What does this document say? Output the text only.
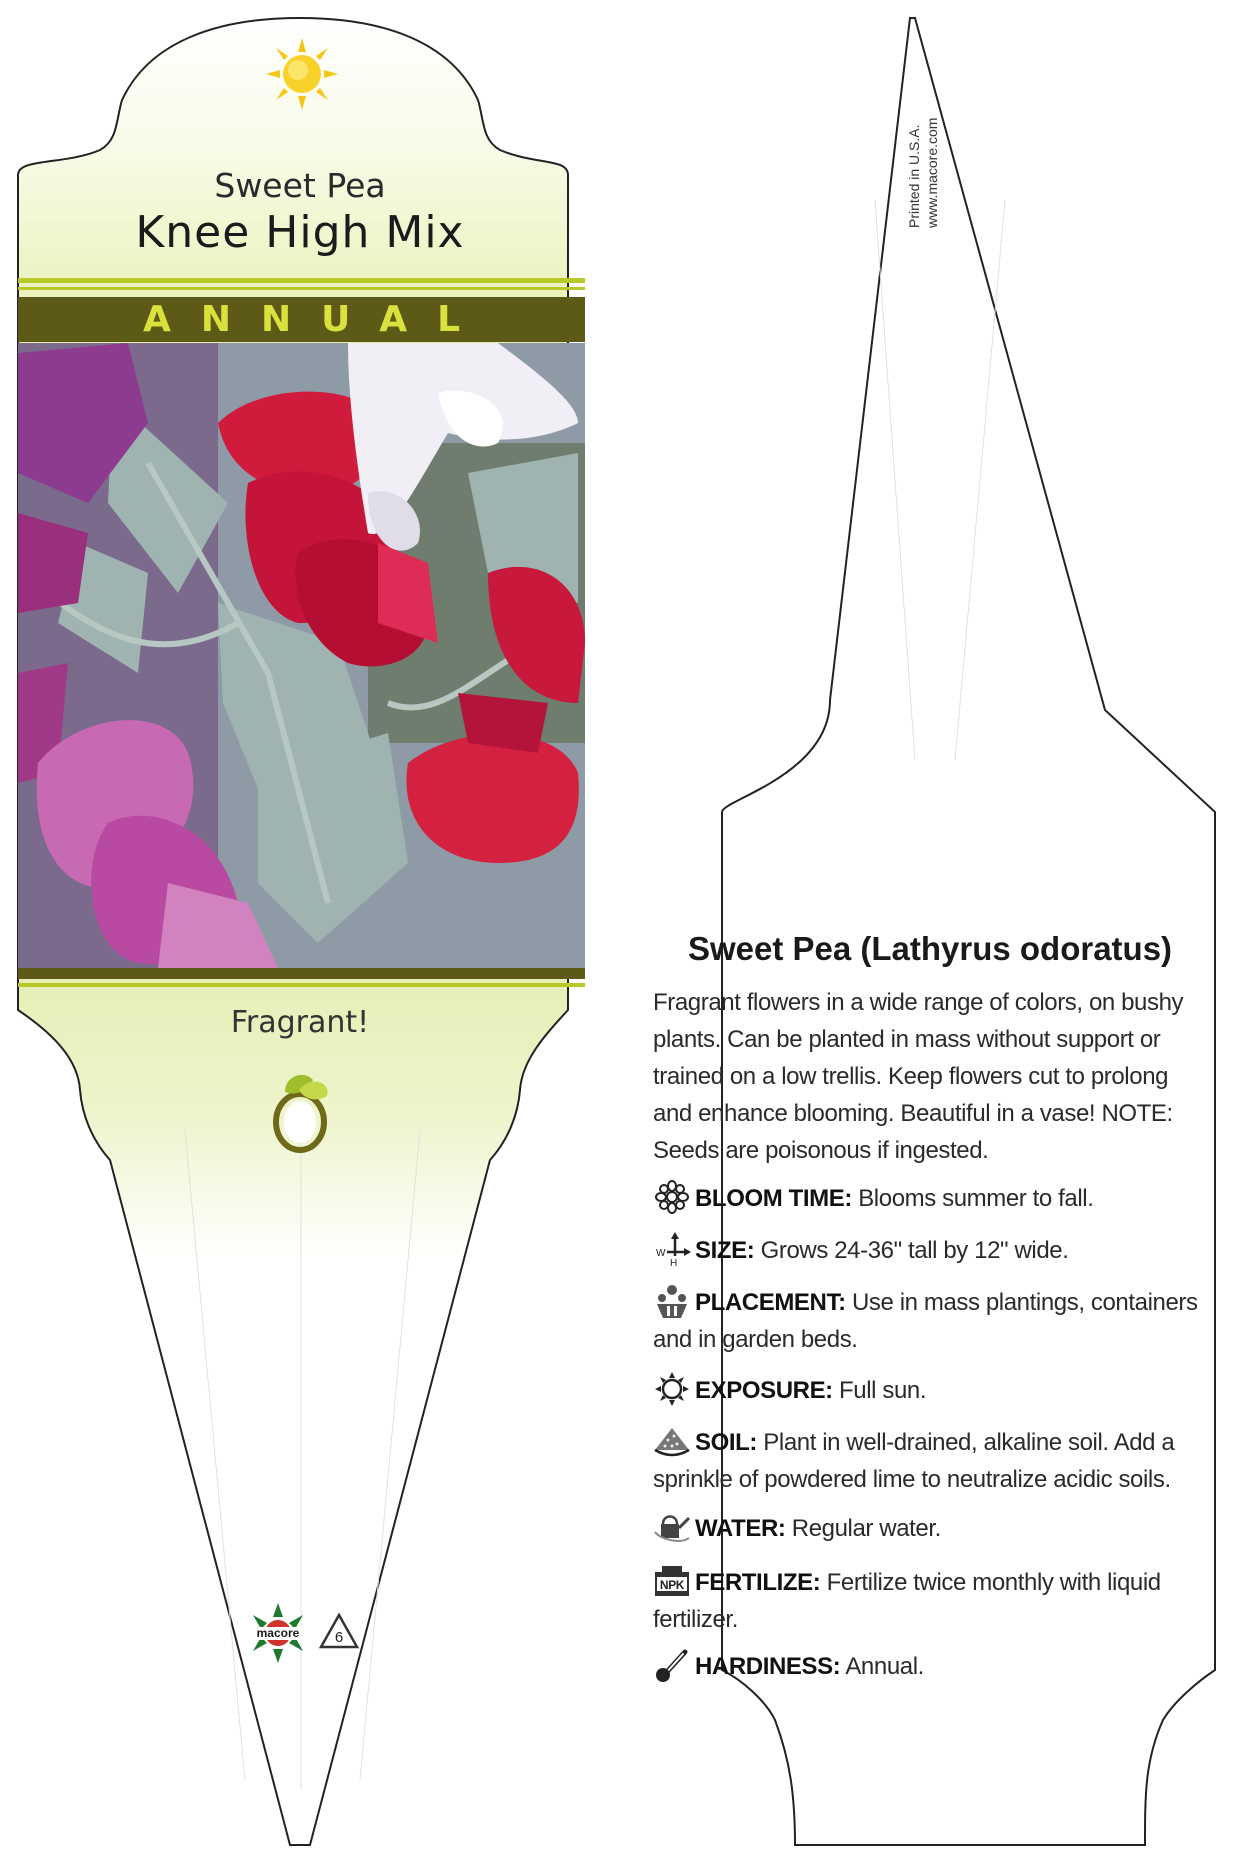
Sweet Pea
Knee High Mix
ANNUAL
Fragrant!
macore 6
Printed in U.S.A. www.macore.com
Sweet Pea (Lathyrus odoratus)
Fragrant flowers in a wide range of colors, on bushy plants. Can be planted in mass without support or trained on a low trellis. Keep flowers cut to prolong and enhance blooming. Beautiful in a vase! NOTE: Seeds are poisonous if ingested.
BLOOM TIME: Blooms summer to fall.
W
H SIZE: Grows 24-36" tall by 12" wide.
PLACEMENT: Use in mass plantings, containers and in garden beds.
EXPOSURE: Full sun.
SOIL: Plant in well-drained, alkaline soil. Add a sprinkle of powdered lime to neutralize acidic soils.
WATER: Regular water.
NPK FERTILIZE: Fertilize twice monthly with liquid fertilizer.
HARDINESS: Annual.
